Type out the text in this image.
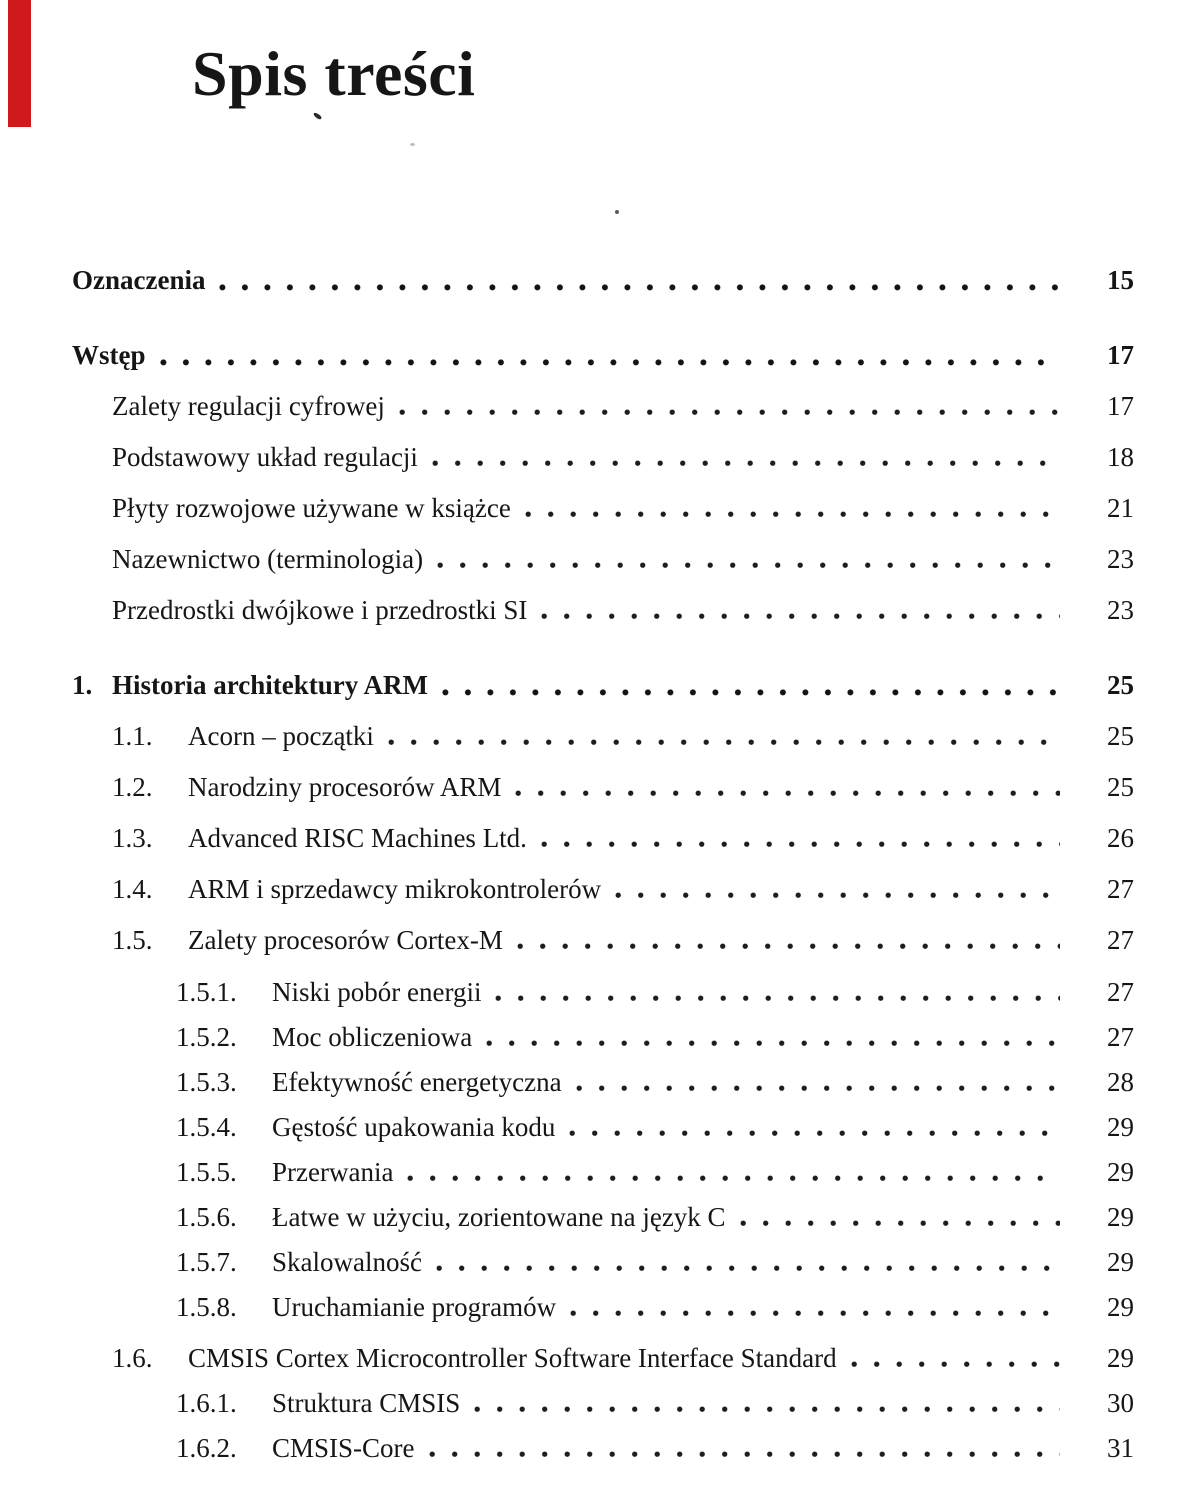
Spis treści
Oznaczenia	15
Wstęp	17
Zalety regulacji cyfrowej	17
Podstawowy układ regulacji	18
Płyty rozwojowe używane w książce	21
Nazewnictwo (terminologia)	23
Przedrostki dwójkowe i przedrostki SI	23
1. Historia architektury ARM	25
1.1.	Acorn – początki	25
1.2.	Narodziny procesorów ARM	25
1.3.	Advanced RISC Machines Ltd.	26
1.4.	ARM i sprzedawcy mikrokontrolerów	27
1.5.	Zalety procesorów Cortex-M	27
1.5.1.	Niski pobór energii	27
1.5.2.	Moc obliczeniowa	27
1.5.3.	Efektywność energetyczna	28
1.5.4.	Gęstość upakowania kodu	29
1.5.5.	Przerwania	29
1.5.6.	Łatwe w użyciu, zorientowane na język C	29
1.5.7.	Skalowalność	29
1.5.8.	Uruchamianie programów	29
1.6.	CMSIS Cortex Microcontroller Software Interface Standard	29
1.6.1.	Struktura CMSIS	30
1.6.2.	CMSIS-Core	31
